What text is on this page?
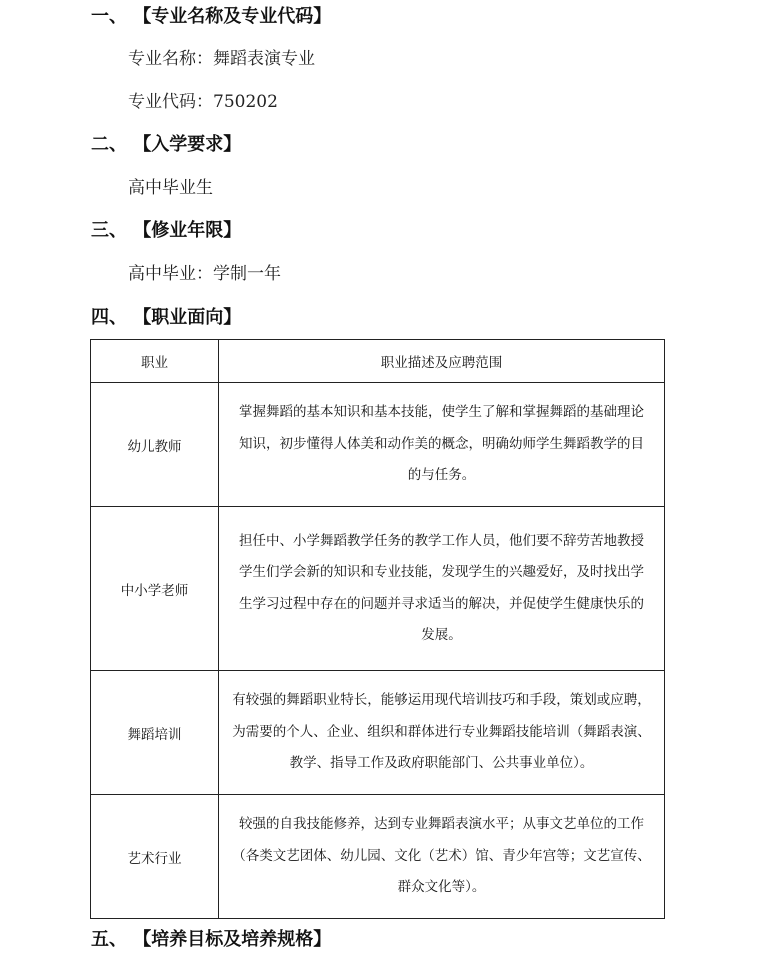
一、 【专业名称及专业代码】
专业名称：舞蹈表演专业
专业代码：750202
二、 【入学要求】
高中毕业生
三、 【修业年限】
高中毕业：学制一年
四、 【职业面向】
职业	职业描述及应聘范围
幼儿教师	掌握舞蹈的基本知识和基本技能，使学生了解和掌握舞蹈的基础理论
知识，初步懂得人体美和动作美的概念，明确幼师学生舞蹈教学的目
的与任务。

中小学老师	担任中、小学舞蹈教学任务的教学工作人员，他们要不辞劳苦地教授
学生们学会新的知识和专业技能，发现学生的兴趣爱好，及时找出学
生学习过程中存在的问题并寻求适当的解决，并促使学生健康快乐的
发展。

舞蹈培训	有较强的舞蹈职业特长，能够运用现代培训技巧和手段，策划或应聘，
为需要的个人、企业、组织和群体进行专业舞蹈技能培训（舞蹈表演、
教学、指导工作及政府职能部门、公共事业单位）。

艺术行业	较强的自我技能修养，达到专业舞蹈表演水平；从事文艺单位的工作
（各类文艺团体、幼儿园、文化（艺术）馆、青少年宫等；文艺宣传、
群众文化等）。
五、 【培养目标及培养规格】
